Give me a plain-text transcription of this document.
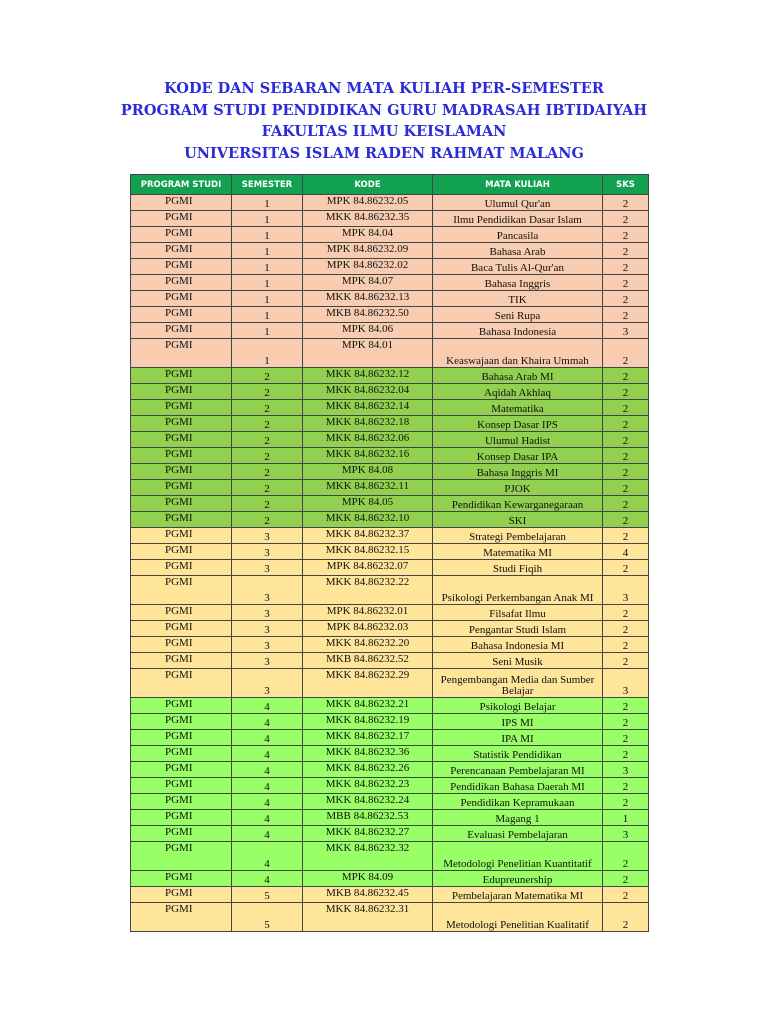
KODE DAN SEBARAN MATA KULIAH PER-SEMESTER
PROGRAM STUDI PENDIDIKAN GURU MADRASAH IBTIDAIYAH
FAKULTAS ILMU KEISLAMAN
UNIVERSITAS ISLAM RADEN RAHMAT MALANG
PROGRAM STUDI	SEMESTER	KODE	MATA KULIAH	SKS
PGMI	1	MPK 84.86232.05	Ulumul Qur'an	2
PGMI	1	MKK 84.86232.35	Ilmu Pendidikan Dasar Islam	2
PGMI	1	MPK 84.04	Pancasila	2
PGMI	1	MPK 84.86232.09	Bahasa Arab	2
PGMI	1	MPK 84.86232.02	Baca Tulis Al-Qur'an	2
PGMI	1	MPK 84.07	Bahasa Inggris	2
PGMI	1	MKK 84.86232.13	TIK	2
PGMI	1	MKB 84.86232.50	Seni Rupa	2
PGMI	1	MPK 84.06	Bahasa Indonesia	3
PGMI	1	MPK 84.01	Keaswajaan dan Khaira Ummah	2
PGMI	2	MKK 84.86232.12	Bahasa Arab MI	2
PGMI	2	MKK 84.86232.04	Aqidah Akhlaq	2
PGMI	2	MKK 84.86232.14	Matematika	2
PGMI	2	MKK 84.86232.18	Konsep Dasar IPS	2
PGMI	2	MKK 84.86232.06	Ulumul Hadist	2
PGMI	2	MKK 84.86232.16	Konsep Dasar IPA	2
PGMI	2	MPK 84.08	Bahasa Inggris MI	2
PGMI	2	MKK 84.86232.11	PJOK	2
PGMI	2	MPK 84.05	Pendidikan Kewarganegaraan	2
PGMI	2	MKK 84.86232.10	SKI	2
PGMI	3	MKK 84.86232.37	Strategi Pembelajaran	2
PGMI	3	MKK 84.86232.15	Matematika MI	4
PGMI	3	MPK 84.86232.07	Studi Fiqih	2
PGMI	3	MKK 84.86232.22	Psikologi Perkembangan Anak MI	3
PGMI	3	MPK 84.86232.01	Filsafat Ilmu	2
PGMI	3	MPK 84.86232.03	Pengantar Studi Islam	2
PGMI	3	MKK 84.86232.20	Bahasa Indonesia MI	2
PGMI	3	MKB 84.86232.52	Seni Musik	2
PGMI	3	MKK 84.86232.29	Pengembangan Media dan Sumber Belajar	3
PGMI	4	MKK 84.86232.21	Psikologi Belajar	2
PGMI	4	MKK 84.86232.19	IPS MI	2
PGMI	4	MKK 84.86232.17	IPA MI	2
PGMI	4	MKK 84.86232.36	Statistik Pendidikan	2
PGMI	4	MKK 84.86232.26	Perencanaan Pembelajaran MI	3
PGMI	4	MKK 84.86232.23	Pendidikan Bahasa Daerah MI	2
PGMI	4	MKK 84.86232.24	Pendidikan Kepramukaan	2
PGMI	4	MBB 84.86232.53	Magang 1	1
PGMI	4	MKK 84.86232.27	Evaluasi Pembelajaran	3
PGMI	4	MKK 84.86232.32	Metodologi Penelitian Kuantitatif	2
PGMI	4	MPK 84.09	Edupreunership	2
PGMI	5	MKB 84.86232.45	Pembelajaran Matematika MI	2
PGMI	5	MKK 84.86232.31	Metodologi Penelitian Kualitatif	2
